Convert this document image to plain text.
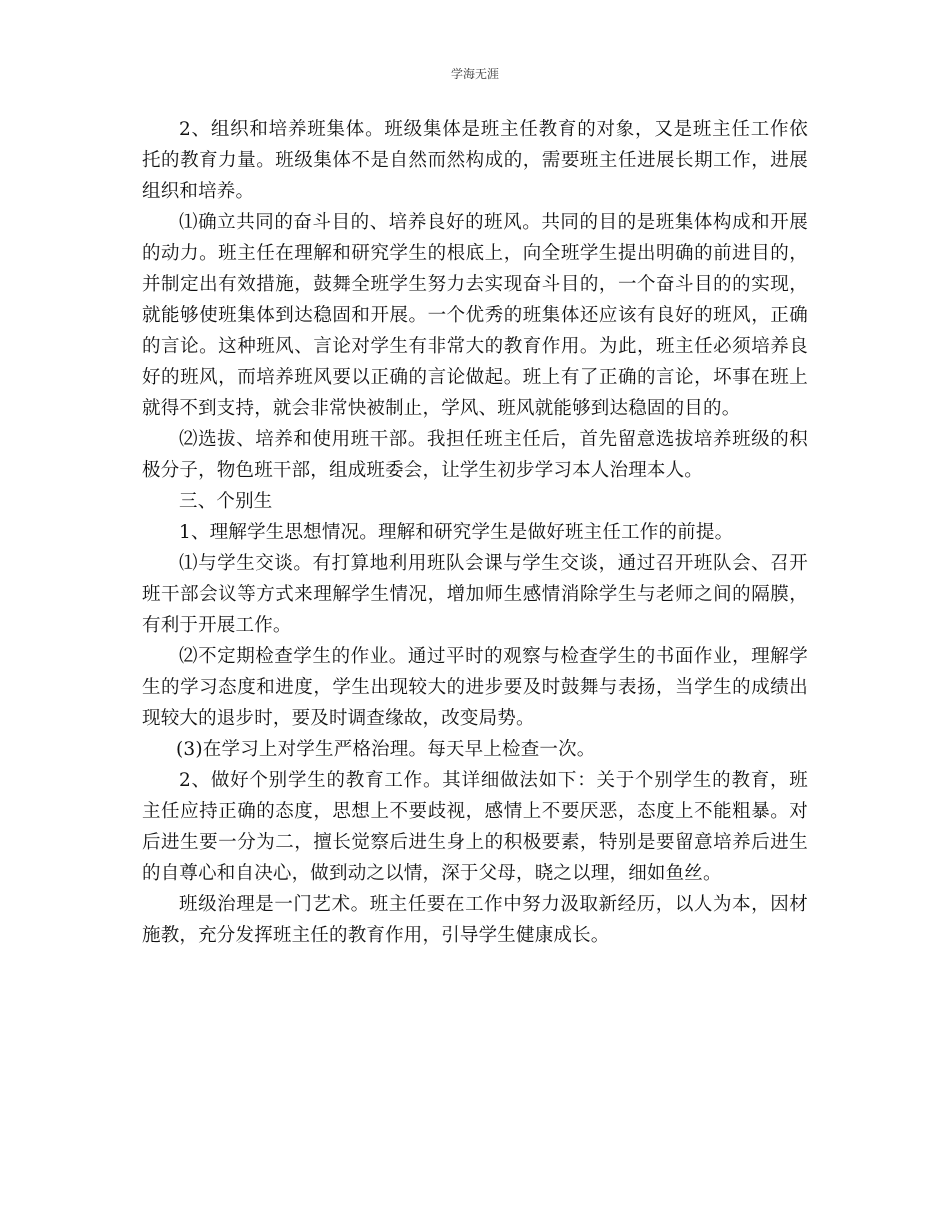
学海无涯

2、组织和培养班集体。班级集体是班主任教育的对象，又是班主任工作依托的教育力量。班级集体不是自然而然构成的，需要班主任进展长期工作，进展组织和培养。

⑴确立共同的奋斗目的、培养良好的班风。共同的目的是班集体构成和开展的动力。班主任在理解和研究学生的根底上，向全班学生提出明确的前进目的，并制定出有效措施，鼓舞全班学生努力去实现奋斗目的，一个奋斗目的的实现，就能够使班集体到达稳固和开展。一个优秀的班集体还应该有良好的班风，正确的言论。这种班风、言论对学生有非常大的教育作用。为此，班主任必须培养良好的班风，而培养班风要以正确的言论做起。班上有了正确的言论，坏事在班上就得不到支持，就会非常快被制止，学风、班风就能够到达稳固的目的。

⑵选拔、培养和使用班干部。我担任班主任后，首先留意选拔培养班级的积极分子，物色班干部，组成班委会，让学生初步学习本人治理本人。

三、个别生

1、理解学生思想情况。理解和研究学生是做好班主任工作的前提。

⑴与学生交谈。有打算地利用班队会课与学生交谈，通过召开班队会、召开班干部会议等方式来理解学生情况，增加师生感情消除学生与老师之间的隔膜，有利于开展工作。

⑵不定期检查学生的作业。通过平时的观察与检查学生的书面作业，理解学生的学习态度和进度，学生出现较大的进步要及时鼓舞与表扬，当学生的成绩出现较大的退步时，要及时调查缘故，改变局势。

(3)在学习上对学生严格治理。每天早上检查一次。

2、做好个别学生的教育工作。其详细做法如下：关于个别学生的教育，班主任应持正确的态度，思想上不要歧视，感情上不要厌恶，态度上不能粗暴。对后进生要一分为二，擅长觉察后进生身上的积极要素，特别是要留意培养后进生的自尊心和自决心，做到动之以情，深于父母，晓之以理，细如鱼丝。

班级治理是一门艺术。班主任要在工作中努力汲取新经历，以人为本，因材施教，充分发挥班主任的教育作用，引导学生健康成长。
